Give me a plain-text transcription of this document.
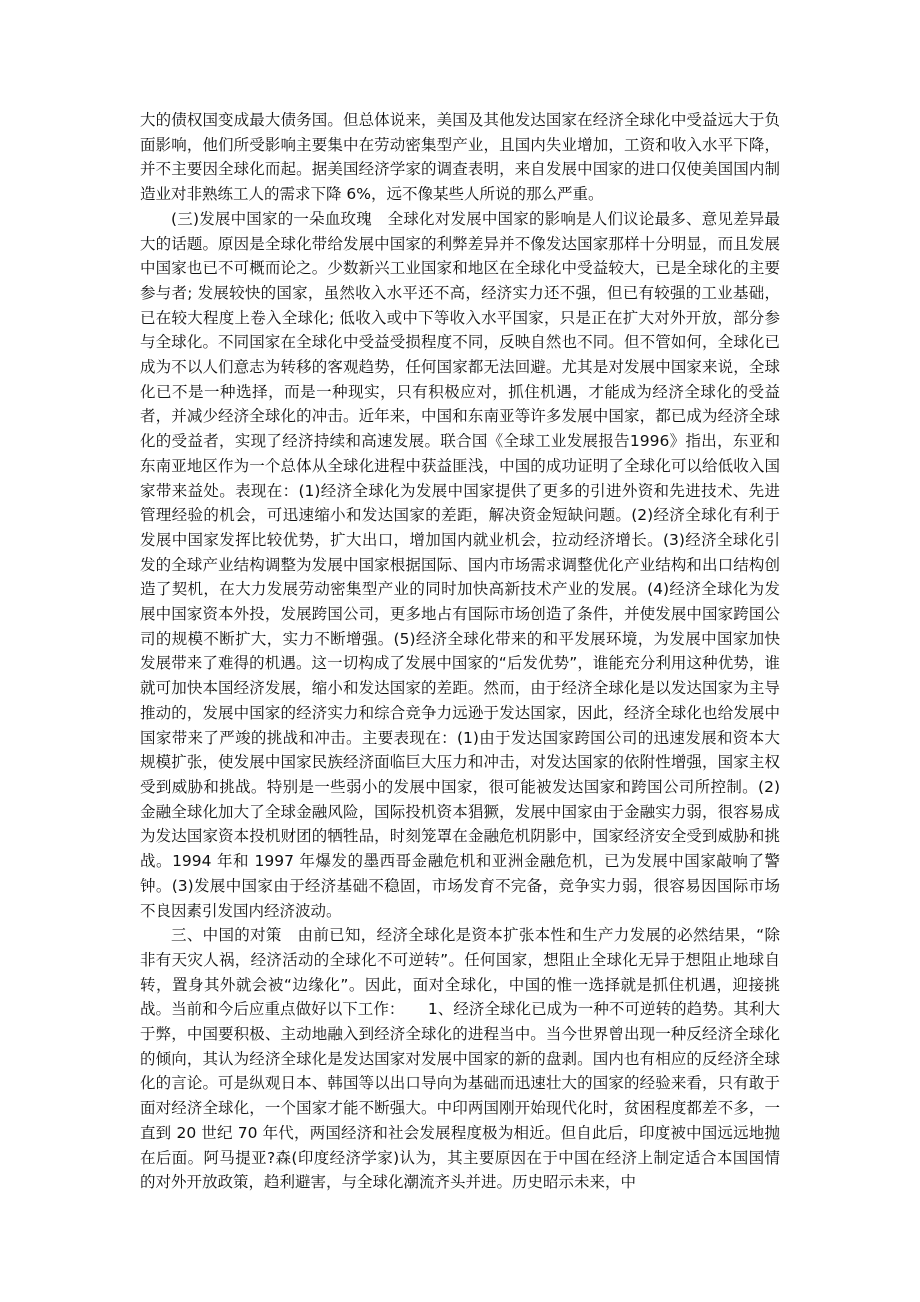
大的债权国变成最大债务国。但总体说来，美国及其他发达国家在经济全球化中受益远大于负面影响，他们所受影响主要集中在劳动密集型产业，且国内失业增加，工资和收入水平下降，并不主要因全球化而起。据美国经济学家的调查表明，来自发展中国家的进口仅使美国国内制造业对非熟练工人的需求下降 6%，远不像某些人所说的那么严重。

(三)发展中国家的一朵血玫瑰　全球化对发展中国家的影响是人们议论最多、意见差异最大的话题。原因是全球化带给发展中国家的利弊差异并不像发达国家那样十分明显，而且发展中国家也已不可概而论之。少数新兴工业国家和地区在全球化中受益较大，已是全球化的主要参与者; 发展较快的国家，虽然收入水平还不高，经济实力还不强，但已有较强的工业基础，已在较大程度上卷入全球化; 低收入或中下等收入水平国家，只是正在扩大对外开放，部分参与全球化。不同国家在全球化中受益受损程度不同，反映自然也不同。但不管如何，全球化已成为不以人们意志为转移的客观趋势，任何国家都无法回避。尤其是对发展中国家来说，全球化已不是一种选择，而是一种现实，只有积极应对，抓住机遇，才能成为经济全球化的受益者，并减少经济全球化的冲击。近年来，中国和东南亚等许多发展中国家，都已成为经济全球化的受益者，实现了经济持续和高速发展。联合国《全球工业发展报告1996》指出，东亚和东南亚地区作为一个总体从全球化进程中获益匪浅，中国的成功证明了全球化可以给低收入国家带来益处。表现在：(1)经济全球化为发展中国家提供了更多的引进外资和先进技术、先进管理经验的机会，可迅速缩小和发达国家的差距，解决资金短缺问题。(2)经济全球化有利于发展中国家发挥比较优势，扩大出口，增加国内就业机会，拉动经济增长。(3)经济全球化引发的全球产业结构调整为发展中国家根据国际、国内市场需求调整优化产业结构和出口结构创造了契机，在大力发展劳动密集型产业的同时加快高新技术产业的发展。(4)经济全球化为发展中国家资本外投，发展跨国公司，更多地占有国际市场创造了条件，并使发展中国家跨国公司的规模不断扩大，实力不断增强。(5)经济全球化带来的和平发展环境，为发展中国家加快发展带来了难得的机遇。这一切构成了发展中国家的“后发优势”，谁能充分利用这种优势，谁就可加快本国经济发展，缩小和发达国家的差距。然而，由于经济全球化是以发达国家为主导推动的，发展中国家的经济实力和综合竞争力远逊于发达国家，因此，经济全球化也给发展中国家带来了严竣的挑战和冲击。主要表现在：(1)由于发达国家跨国公司的迅速发展和资本大规模扩张，使发展中国家民族经济面临巨大压力和冲击，对发达国家的依附性增强，国家主权受到威胁和挑战。特别是一些弱小的发展中国家，很可能被发达国家和跨国公司所控制。(2)金融全球化加大了全球金融风险，国际投机资本猖獗，发展中国家由于金融实力弱，很容易成为发达国家资本投机财团的牺牲品，时刻笼罩在金融危机阴影中，国家经济安全受到威胁和挑战。1994 年和 1997 年爆发的墨西哥金融危机和亚洲金融危机，已为发展中国家敲响了警钟。(3)发展中国家由于经济基础不稳固，市场发育不完备，竞争实力弱，很容易因国际市场不良因素引发国内经济波动。

三、中国的对策　由前已知，经济全球化是资本扩张本性和生产力发展的必然结果，“除非有天灾人祸，经济活动的全球化不可逆转”。任何国家，想阻止全球化无异于想阻止地球自转，置身其外就会被“边缘化”。因此，面对全球化，中国的惟一选择就是抓住机遇，迎接挑战。当前和今后应重点做好以下工作：　　1、经济全球化已成为一种不可逆转的趋势。其利大于弊，中国要积极、主动地融入到经济全球化的进程当中。当今世界曾出现一种反经济全球化的倾向，其认为经济全球化是发达国家对发展中国家的新的盘剥。国内也有相应的反经济全球化的言论。可是纵观日本、韩国等以出口导向为基础而迅速壮大的国家的经验来看，只有敢于面对经济全球化，一个国家才能不断强大。中印两国刚开始现代化时，贫困程度都差不多，一直到 20 世纪 70 年代，两国经济和社会发展程度极为相近。但自此后，印度被中国远远地抛在后面。阿马提亚?森(印度经济学家)认为，其主要原因在于中国在经济上制定适合本国国情的对外开放政策，趋利避害，与全球化潮流齐头并进。历史昭示未来，中
